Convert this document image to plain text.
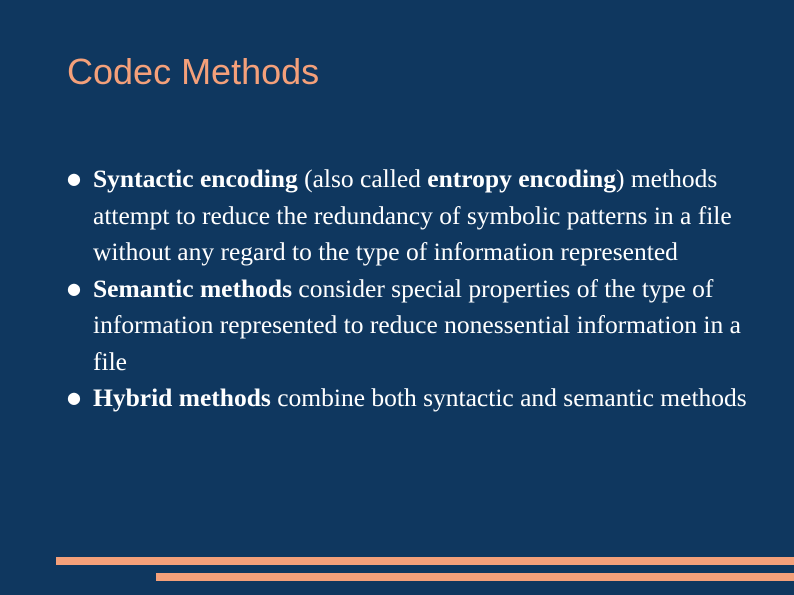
Codec Methods
● Syntactic encoding (also called entropy encoding) methods attempt to reduce the redundancy of symbolic patterns in a file without any regard to the type of information represented
● Semantic methods consider special properties of the type of information represented to reduce nonessential information in a file
● Hybrid methods combine both syntactic and semantic methods
